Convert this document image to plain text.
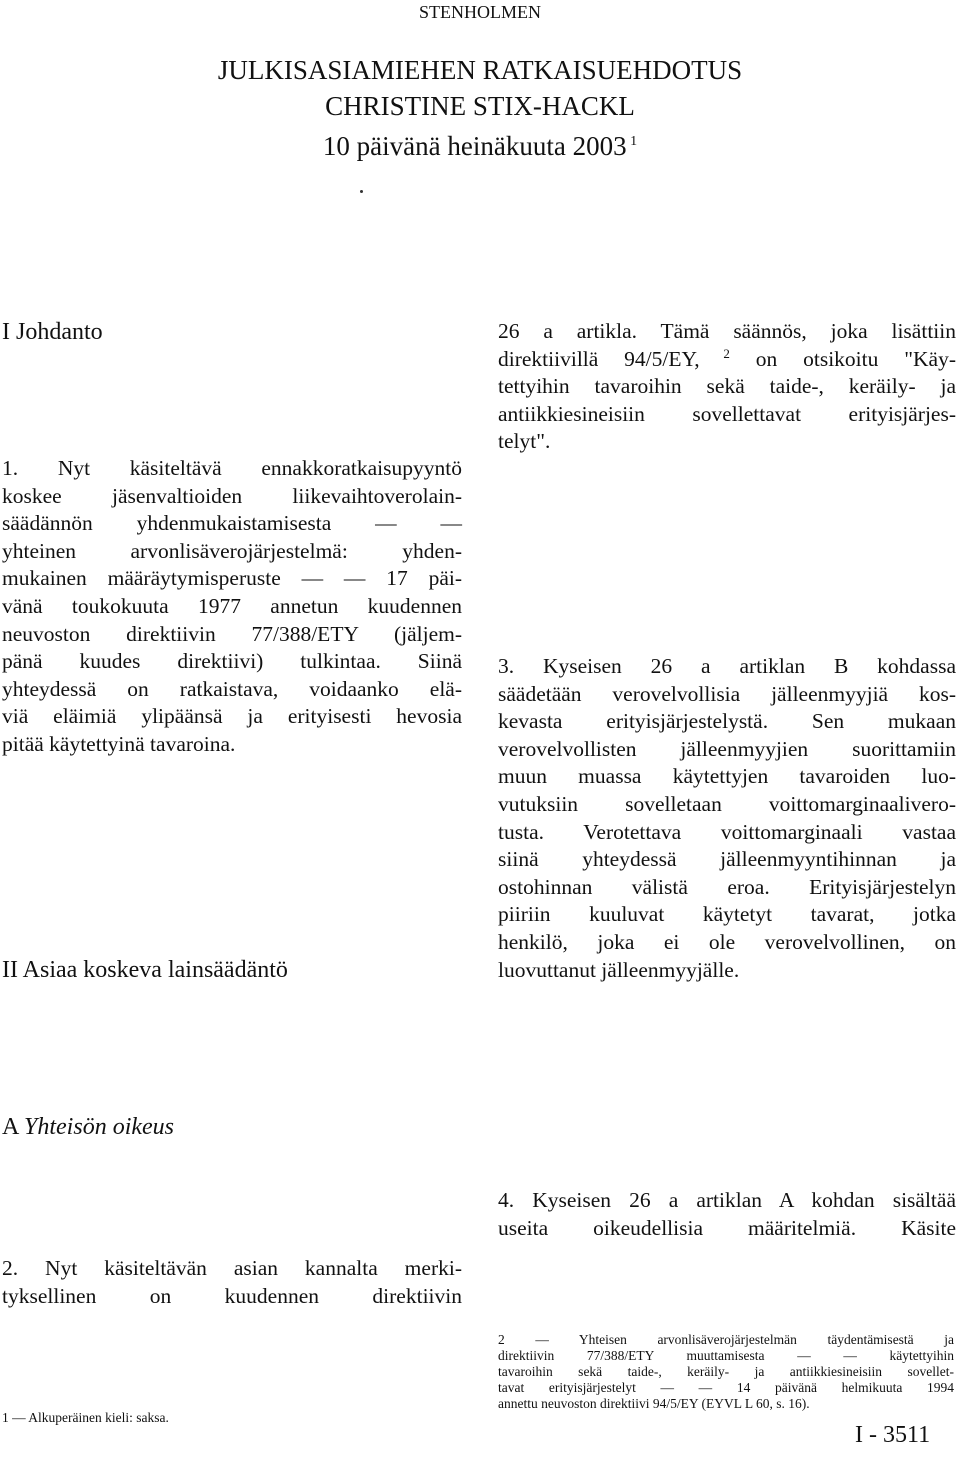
STENHOLMEN
JULKISASIAMIEHEN RATKAISUEHDOTUS
CHRISTINE STIX-HACKL
10 päivänä heinäkuuta 2003 $^1$
I Johdanto
1. Nyt käsiteltävä ennakkoratkaisupyyntö
koskee jäsenvaltioiden liikevaihtoverolain-
säädännön yhdenmukaistamisesta — —
yhteinen arvonlisäverojärjestelmä: yhden-
mukainen määräytymisperuste — — 17 päi-
vänä toukokuuta 1977 annetun kuudennen
neuvoston direktiivin 77/388/ETY (jäljem-
pänä kuudes direktiivi) tulkintaa. Siinä
yhteydessä on ratkaistava, voidaanko elä-
viä eläimiä ylipäänsä ja erityisesti hevosia
pitää käytettyinä tavaroina.
II Asiaa koskeva lainsäädäntö
A Yhteisön oikeus
2. Nyt käsiteltävän asian kannalta merki-
tyksellinen on kuudennen direktiivin
1 — Alkuperäinen kieli: saksa.
26 a artikla. Tämä säännös, joka lisättiin
direktiivillä 94/5/EY, $^2$ on otsikoitu "Käy-
tettyihin tavaroihin sekä taide-, keräily- ja
antiikkiesineisiin sovellettavat erityisjärjes-
telyt".
3. Kyseisen 26 a artiklan B kohdassa
säädetään verovelvollisia jälleenmyyjiä kos-
kevasta erityisjärjestelystä. Sen mukaan
verovelvollisten jälleenmyyjien suorittamiin
muun muassa käytettyjen tavaroiden luo-
vutuksiin sovelletaan voittomarginaalivero-
tusta. Verotettava voittomarginaali vastaa
siinä yhteydessä jälleenmyyntihinnan ja
ostohinnan välistä eroa. Erityisjärjestelyn
piiriin kuuluvat käytetyt tavarat, jotka
henkilö, joka ei ole verovelvollinen, on
luovuttanut jälleenmyyjälle.
4. Kyseisen 26 a artiklan A kohdan sisältää
useita oikeudellisia määritelmiä. Käsite
2 — Yhteisen arvonlisäverojärjestelmän täydentämisestä ja
direktiivin 77/388/ETY muuttamisesta — — käytettyihin
tavaroihin sekä taide-, keräily- ja antiikkiesineisiin sovellet-
tavat erityisjärjestelyt — — 14 päivänä helmikuuta 1994
annettu neuvoston direktiivi 94/5/EY (EYVL L 60, s. 16).
I - 3511
